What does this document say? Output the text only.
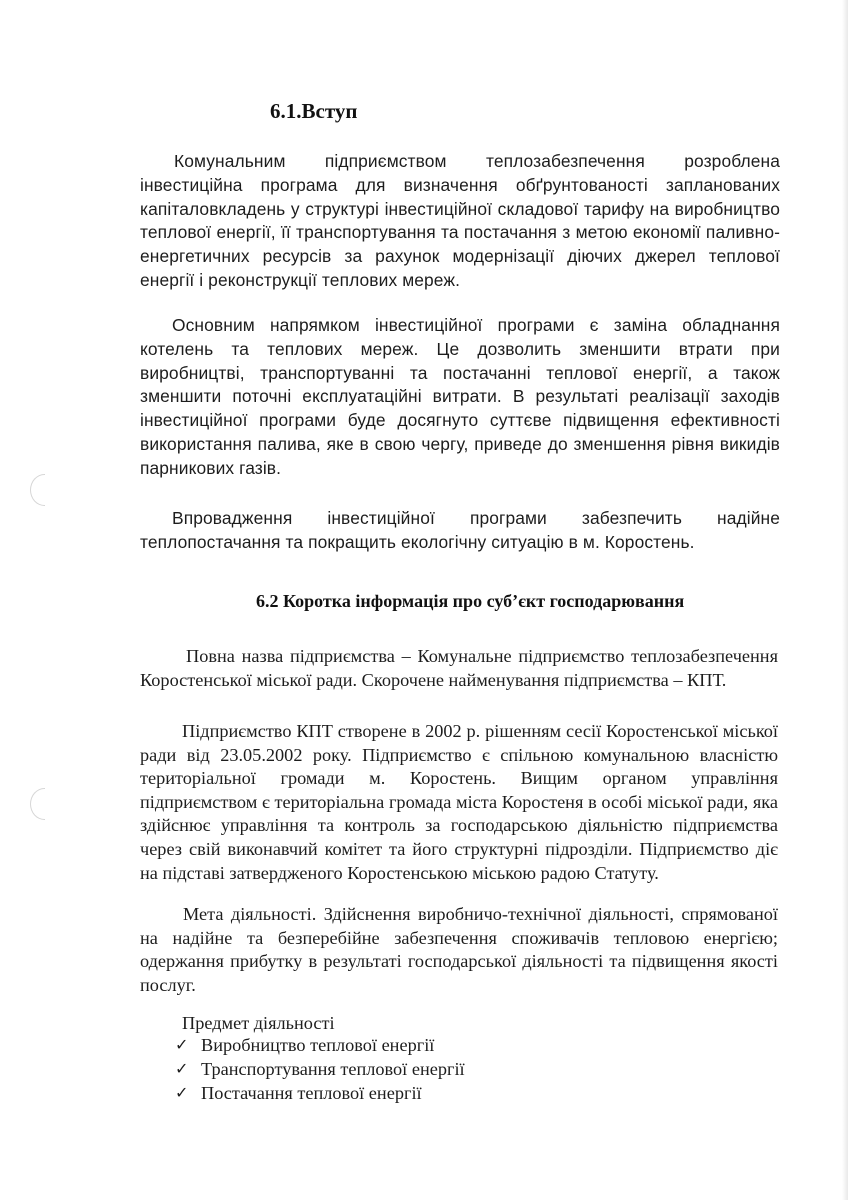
6.1.Вступ

Комунальним підприємством теплозабезпечення розроблена інвестиційна програма для визначення обґрунтованості запланованих капіталовкладень у структурі інвестиційної складової тарифу на виробництво теплової енергії, її транспортування та постачання з метою економії паливно-енергетичних ресурсів за рахунок модернізації діючих джерел теплової енергії і реконструкції теплових мереж.

Основним напрямком інвестиційної програми є заміна обладнання котелень та теплових мереж. Це дозволить зменшити втрати при виробництві, транспортуванні та постачанні теплової енергії, а також зменшити поточні експлуатаційні витрати. В результаті реалізації заходів інвестиційної програми буде досягнуто суттєве підвищення ефективності використання палива, яке в свою чергу, приведе до зменшення рівня викидів парникових газів.

Впровадження інвестиційної програми забезпечить надійне теплопостачання та покращить екологічну ситуацію в м. Коростень.

6.2 Коротка інформація про суб’єкт господарювання

Повна назва підприємства – Комунальне підприємство теплозабезпечення Коростенської міської ради. Скорочене найменування підприємства – КПТ.

Підприємство КПТ створене в 2002 р. рішенням сесії Коростенської міської ради від 23.05.2002 року. Підприємство є спільною комунальною власністю територіальної громади м. Коростень. Вищим органом управління підприємством є територіальна громада міста Коростеня в особі міської ради, яка здійснює управління та контроль за господарською діяльністю підприємства через свій виконавчий комітет та його структурні підрозділи. Підприємство діє на підставі затвердженого Коростенською міською радою Статуту.

Мета діяльності. Здійснення виробничо-технічної діяльності, спрямованої на надійне та безперебійне забезпечення споживачів тепловою енергією; одержання прибутку в результаті господарської діяльності та підвищення якості послуг.

Предмет діяльності
✓ Виробництво теплової енергії
✓ Транспортування теплової енергії
✓ Постачання теплової енергії
